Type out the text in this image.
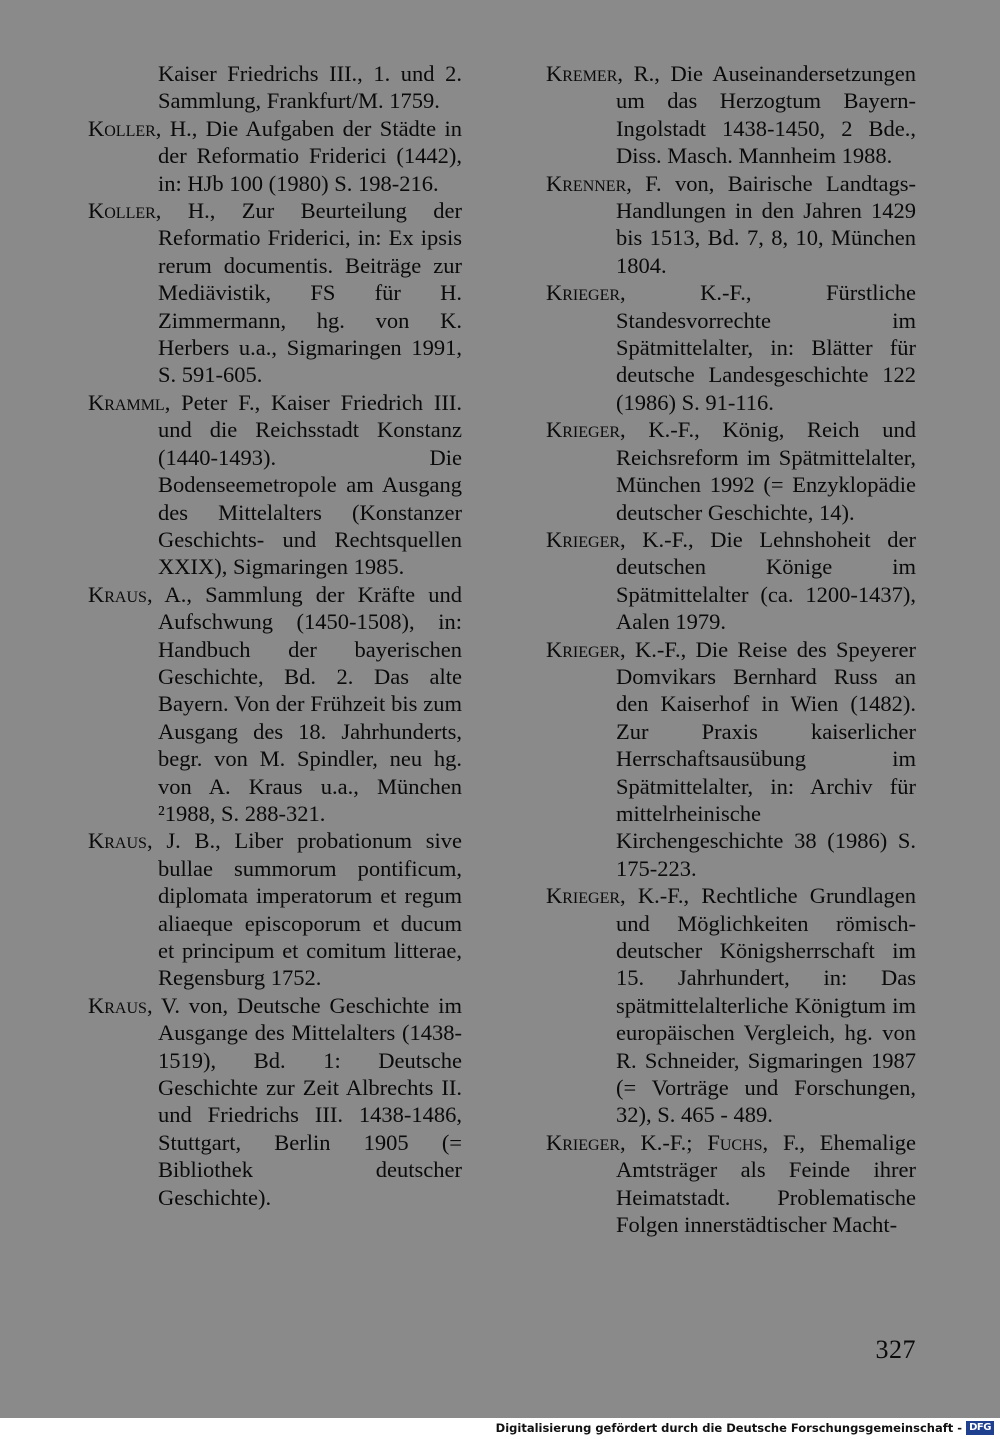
Kaiser Friedrichs III., 1. und 2. Sammlung, Frankfurt/M. 1759.

Koller, H., Die Aufgaben der Städte in der Reformatio Friderici (1442), in: HJb 100 (1980) S. 198-216.

Koller, H., Zur Beurteilung der Reformatio Friderici, in: Ex ipsis rerum documentis. Beiträge zur Mediävistik, FS für H. Zimmermann, hg. von K. Herbers u.a., Sigmaringen 1991, S. 591-605.

Kramml, Peter F., Kaiser Friedrich III. und die Reichsstadt Konstanz (1440-1493). Die Bodenseemetropole am Ausgang des Mittelalters (Konstanzer Geschichts- und Rechtsquellen XXIX), Sigmaringen 1985.

Kraus, A., Sammlung der Kräfte und Aufschwung (1450-1508), in: Handbuch der bayerischen Geschichte, Bd. 2. Das alte Bayern. Von der Frühzeit bis zum Ausgang des 18. Jahrhunderts, begr. von M. Spindler, neu hg. von A. Kraus u.a., München ²1988, S. 288-321.

Kraus, J. B., Liber probationum sive bullae summorum pontificum, diplomata imperatorum et regum aliaeque episcoporum et ducum et principum et comitum litterae, Regensburg 1752.

Kraus, V. von, Deutsche Geschichte im Ausgange des Mittelalters (1438-1519), Bd. 1: Deutsche Geschichte zur Zeit Albrechts II. und Friedrichs III. 1438-1486, Stuttgart, Berlin 1905 (= Bibliothek deutscher Geschichte).

Kremer, R., Die Auseinandersetzungen um das Herzogtum Bayern-Ingolstadt 1438-1450, 2 Bde., Diss. Masch. Mannheim 1988.

Krenner, F. von, Bairische Landtags-Handlungen in den Jahren 1429 bis 1513, Bd. 7, 8, 10, München 1804.

Krieger, K.-F., Fürstliche Standesvorrechte im Spätmittelalter, in: Blätter für deutsche Landesgeschichte 122 (1986) S. 91-116.

Krieger, K.-F., König, Reich und Reichsreform im Spätmittelalter, München 1992 (= Enzyklopädie deutscher Geschichte, 14).

Krieger, K.-F., Die Lehnshoheit der deutschen Könige im Spätmittelalter (ca. 1200-1437), Aalen 1979.

Krieger, K.-F., Die Reise des Speyerer Domvikars Bernhard Russ an den Kaiserhof in Wien (1482). Zur Praxis kaiserlicher Herrschaftsausübung im Spätmittelalter, in: Archiv für mittelrheinische Kirchengeschichte 38 (1986) S. 175-223.

Krieger, K.-F., Rechtliche Grundlagen und Möglichkeiten römisch-deutscher Königsherrschaft im 15. Jahrhundert, in: Das spätmittelalterliche Königtum im europäischen Vergleich, hg. von R. Schneider, Sigmaringen 1987 (= Vorträge und Forschungen, 32), S. 465 - 489.

Krieger, K.-F.; Fuchs, F., Ehemalige Amtsträger als Feinde ihrer Heimatstadt. Problematische Folgen innerstädtischer Macht-

327
Digitalisierung gefördert durch die Deutsche Forschungsgemeinschaft - DFG
